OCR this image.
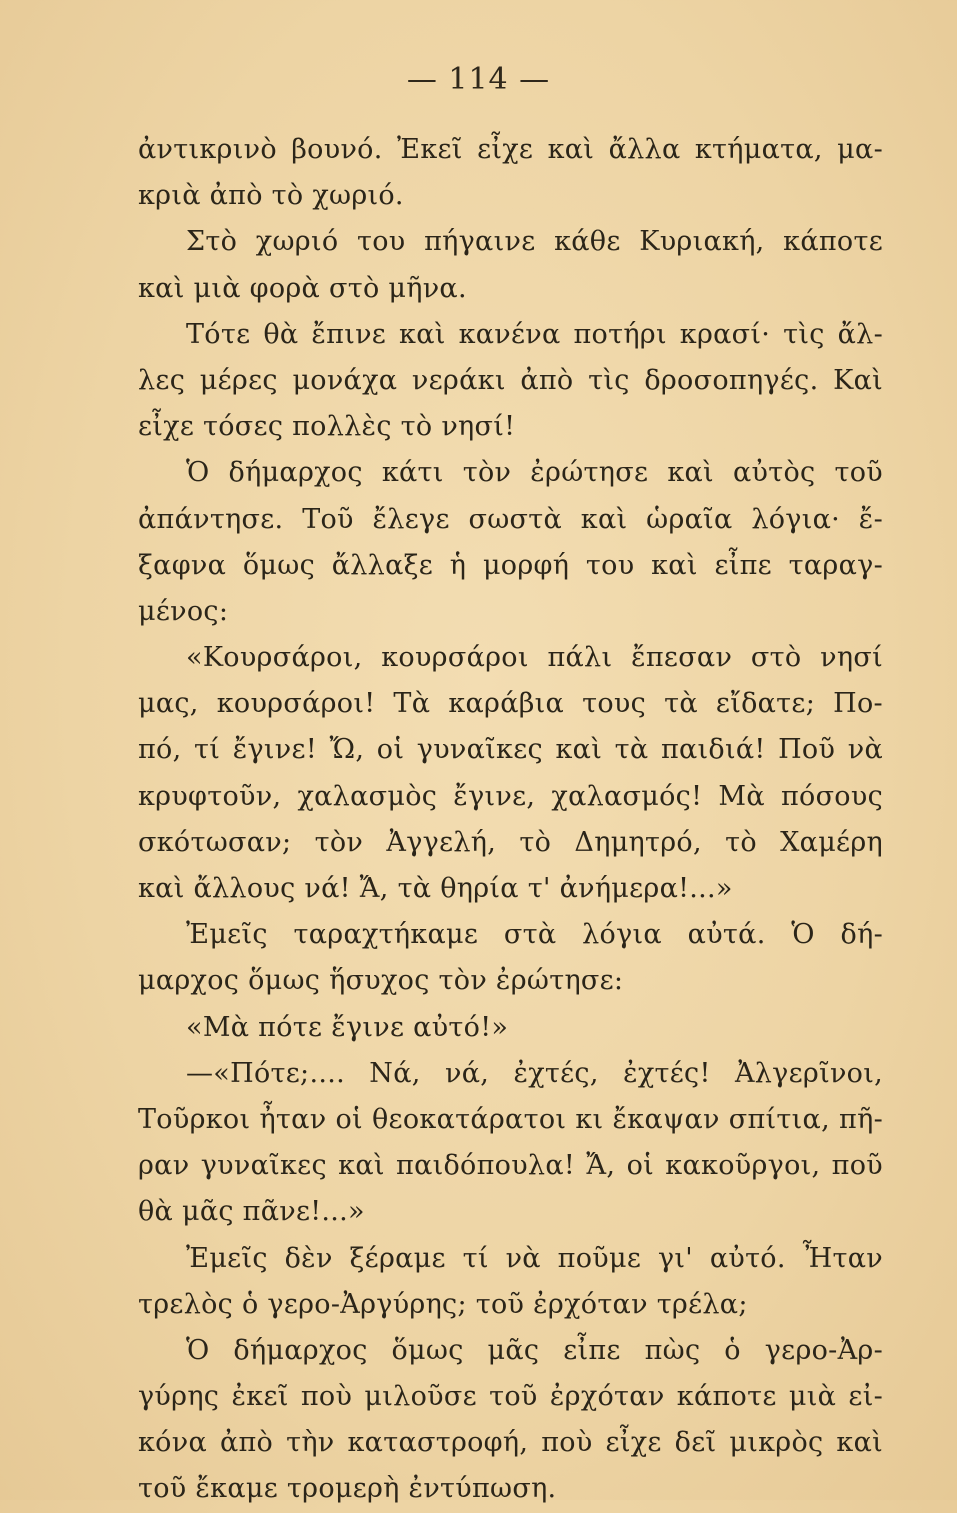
— 114 —
ἀντικρινὸ βουνό. Ἐκεῖ εἶχε καὶ ἄλλα κτήματα, μα-
κριὰ ἀπὸ τὸ χωριό.
Στὸ χωριό του πήγαινε κάθε Κυριακή, κάποτε
καὶ μιὰ φορὰ στὸ μῆνα.
Τότε θὰ ἔπινε καὶ κανένα ποτήρι κρασί· τὶς ἄλ-
λες μέρες μονάχα νεράκι ἀπὸ τὶς δροσοπηγές. Καὶ
εἶχε τόσες πολλὲς τὸ νησί!
Ὁ δήμαρχος κάτι τὸν ἐρώτησε καὶ αὐτὸς τοῦ
ἀπάντησε. Τοῦ ἔλεγε σωστὰ καὶ ὡραῖα λόγια· ἔ-
ξαφνα ὅμως ἄλλαξε ἡ μορφή του καὶ εἶπε ταραγ-
μένος:
«Κουρσάροι, κουρσάροι πάλι ἔπεσαν στὸ νησί
μας, κουρσάροι! Τὰ καράβια τους τὰ εἴδατε; Πο-
πό, τί ἔγινε! Ὤ, οἱ γυναῖκες καὶ τὰ παιδιά! Ποῦ νὰ
κρυφτοῦν, χαλασμὸς ἔγινε, χαλασμός! Μὰ πόσους
σκότωσαν; τὸν Ἀγγελή, τὸ Δημητρό, τὸ Χαμέρη
καὶ ἄλλους νά! Ἄ, τὰ θηρία τ' ἀνήμερα!...»
Ἐμεῖς ταραχτήκαμε στὰ λόγια αὐτά. Ὁ δή-
μαρχος ὅμως ἥσυχος τὸν ἐρώτησε:
«Μὰ πότε ἔγινε αὐτό!»
—«Πότε;.... Νά, νά, ἐχτές, ἐχτές! Ἀλγερῖνοι,
Τοῦρκοι ἦταν οἱ θεοκατάρατοι κι ἔκαψαν σπίτια, πῆ-
ραν γυναῖκες καὶ παιδόπουλα! Ἄ, οἱ κακοῦργοι, ποῦ
θὰ μᾶς πᾶνε!...»
Ἐμεῖς δὲν ξέραμε τί νὰ ποῦμε γι' αὐτό. Ἦταν
τρελὸς ὁ γερο-Ἀργύρης; τοῦ ἐρχόταν τρέλα;
Ὁ δήμαρχος ὅμως μᾶς εἶπε πὼς ὁ γερο-Ἀρ-
γύρης ἐκεῖ ποὺ μιλοῦσε τοῦ ἐρχόταν κάποτε μιὰ εἰ-
κόνα ἀπὸ τὴν καταστροφή, ποὺ εἶχε δεῖ μικρὸς καὶ
τοῦ ἔκαμε τρομερὴ ἐντύπωση.
